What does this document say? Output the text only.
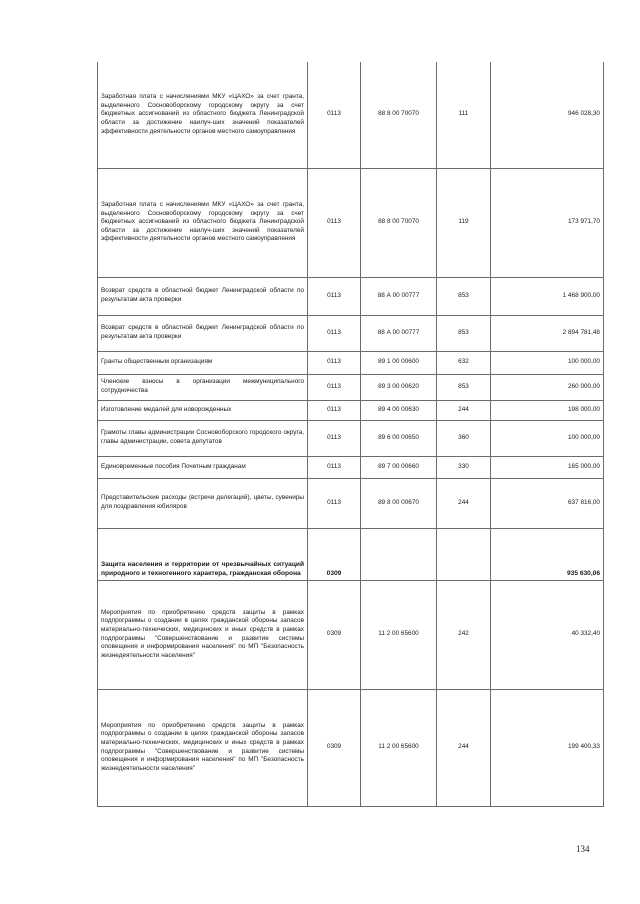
Заработная плата с начислениями МКУ «ЦАХО» за счет гранта, выделенного Сосновоборскому городскому округу за счет бюджетных ассигнований из областного бюджета Ленинградской области за достижение наилуч-ших значений показателей эффективности деятельности органов местного самоуправления	0113	88 8 00 70070	111	946 028,30
Заработная плата с начислениями МКУ «ЦАХО» за счет гранта, выделенного Сосновоборскому городскому округу за счет бюджетных ассигнований из областного бюджета Ленинградской области за достижение наилуч-ших значений показателей эффективности деятельности органов местного самоуправления	0113	88 8 00 70070	119	173 971,70
Возврат средств в областной бюджет Ленинградской области по результатам акта проверки	0113	88 А 00 00777	853	1 468 900,00
Возврат средств в областной бюджет Ленинградской области по результатам акта проверки	0113	88 А 00 00777	853	2 894 781,48
Гранты общественным организациям	0113	89 1 00 00600	632	100 000,00
Членские взносы в организации межмуниципального сотрудничества	0113	89 3 00 00620	853	260 000,00
Изготовление медалей для новорожденных	0113	89 4 00 00630	244	198 000,00
Грамоты главы администрации Сосновоборского городского округа, главы администрации, совета депутатов	0113	89 6 00 00650	360	100 000,00
Единовременные пособия Почетным гражданам	0113	89 7 00 00660	330	165 000,00
Представительские расходы (встречи делегаций), цветы, сувениры для поздравления юбиляров	0113	89 8 00 00670	244	637 816,00
Защита населения и территории от чрезвычайных ситуаций природного и техногенного характера, гражданская оборона	0309			935 630,06
Мероприятия по приобретению средств защиты в рамках подпрограммы о создании в целях гражданской обороны запасов материально-технических, медицинских и иных средств в рамках подпрограммы "Совершенствование и развитие системы оповещения и информирования населения" по МП "Безопасность жизнедеятельности населения"	0309	11 2 00 65600	242	40 332,40
Мероприятия по приобретению средств защиты в рамках подпрограммы о создании в целях гражданской обороны запасов материально-технических, медицинских и иных средств в рамках подпрограммы "Совершенствование и развитие системы оповещения и информирования населения" по МП "Безопасность жизнедеятельности населения"	0309	11 2 00 65600	244	199 400,33
134
